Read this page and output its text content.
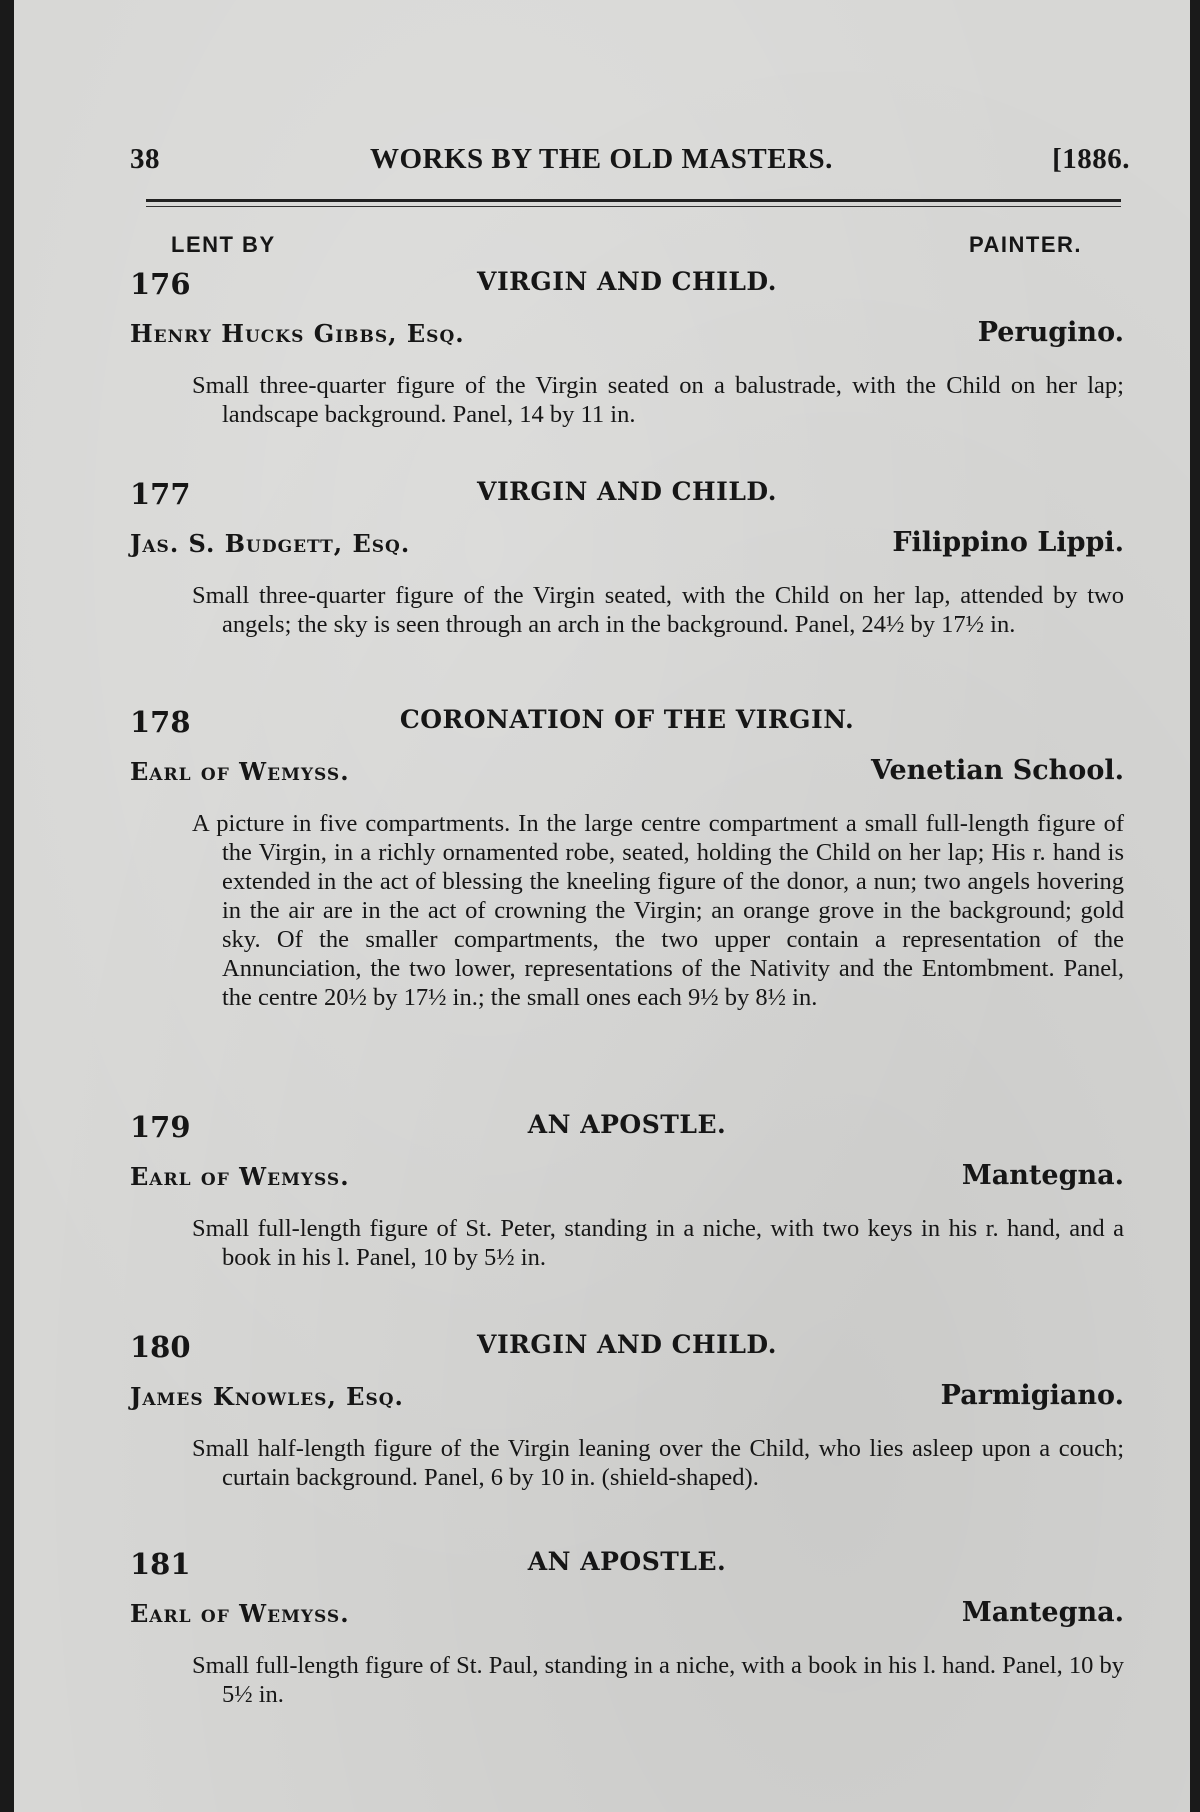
38	WORKS BY THE OLD MASTERS.	[1886.
LENT BY	PAINTER.
176	VIRGIN AND CHILD.
Henry Hucks Gibbs, Esq.	Perugino.
Small three-quarter figure of the Virgin seated on a balustrade, with the Child on her lap; landscape background. Panel, 14 by 11 in.
177	VIRGIN AND CHILD.
Jas. S. Budgett, Esq.	Filippino Lippi.
Small three-quarter figure of the Virgin seated, with the Child on her lap, attended by two angels; the sky is seen through an arch in the background. Panel, 24½ by 17½ in.
178	CORONATION OF THE VIRGIN.
Earl of Wemyss.	Venetian School.
A picture in five compartments. In the large centre compartment a small full-length figure of the Virgin, in a richly ornamented robe, seated, holding the Child on her lap; His r. hand is extended in the act of blessing the kneeling figure of the donor, a nun; two angels hovering in the air are in the act of crowning the Virgin; an orange grove in the background; gold sky. Of the smaller compartments, the two upper contain a representation of the Annunciation, the two lower, representations of the Nativity and the Entombment. Panel, the centre 20½ by 17½ in.; the small ones each 9½ by 8½ in.
179	AN APOSTLE.
Earl of Wemyss.	Mantegna.
Small full-length figure of St. Peter, standing in a niche, with two keys in his r. hand, and a book in his l. Panel, 10 by 5½ in.
180	VIRGIN AND CHILD.
James Knowles, Esq.	Parmigiano.
Small half-length figure of the Virgin leaning over the Child, who lies asleep upon a couch; curtain background. Panel, 6 by 10 in. (shield-shaped).
181	AN APOSTLE.
Earl of Wemyss.	Mantegna.
Small full-length figure of St. Paul, standing in a niche, with a book in his l. hand. Panel, 10 by 5½ in.
